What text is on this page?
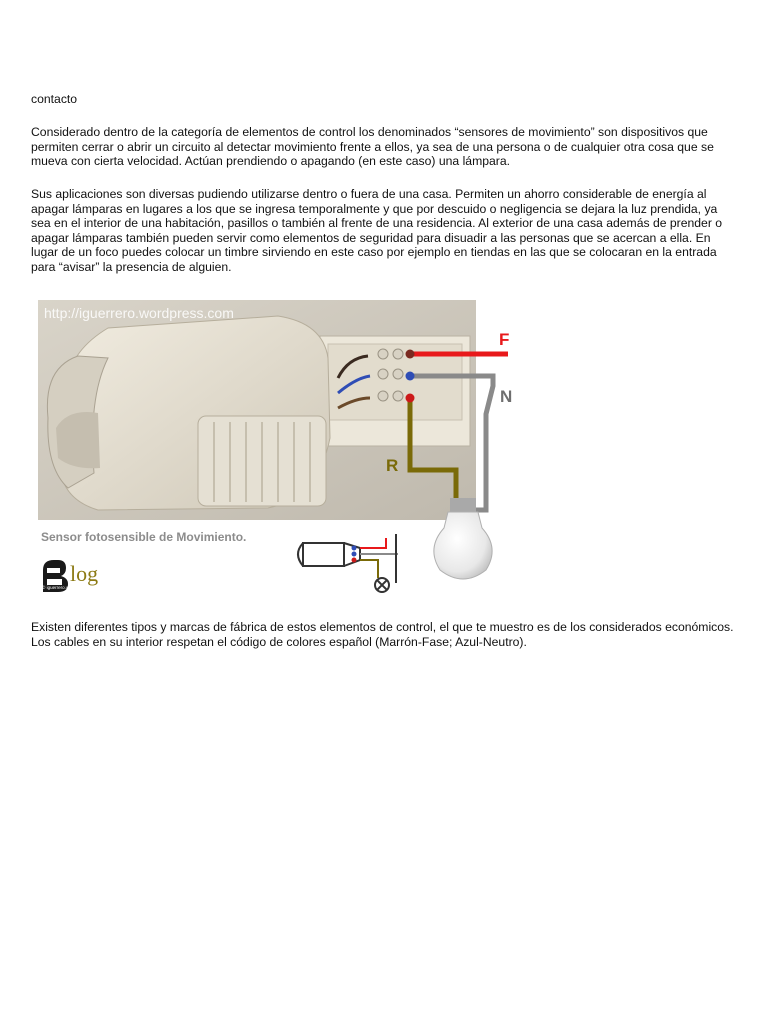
contacto

Considerado dentro de la categoría de elementos de control los denominados “sensores de movimiento” son dispositivos que permiten cerrar o abrir un circuito al detectar movimiento frente a ellos, ya sea de una persona o de cualquier otra cosa que se mueva con cierta velocidad. Actúan prendiendo o apagando (en este caso) una lámpara.

Sus aplicaciones son diversas pudiendo utilizarse dentro o fuera de una casa. Permiten un ahorro considerable de energía al apagar lámparas en lugares a los que se ingresa temporalmente y que por descuido o negligencia se dejara la luz prendida, ya sea en el interior de una habitación, pasillos o también al frente de una residencia. Al exterior de una casa además de prender o apagar lámparas también pueden servir como elementos de seguridad para disuadir a las personas que se acercan a ella. En lugar de un foco puedes colocar un timbre sirviendo en este caso por ejemplo en tiendas en las que se colocaran en la entrada para “avisar” la presencia de alguien.

F
N
R
http://iguerrero.wordpress.com
Sensor fotosensible de Movimiento.
log
© iguerrero.wordpress.com

Existen diferentes tipos y marcas de fábrica de estos elementos de control, el que te muestro es de los considerados económicos. Los cables en su interior respetan el código de colores español (Marrón-Fase; Azul-Neutro).
